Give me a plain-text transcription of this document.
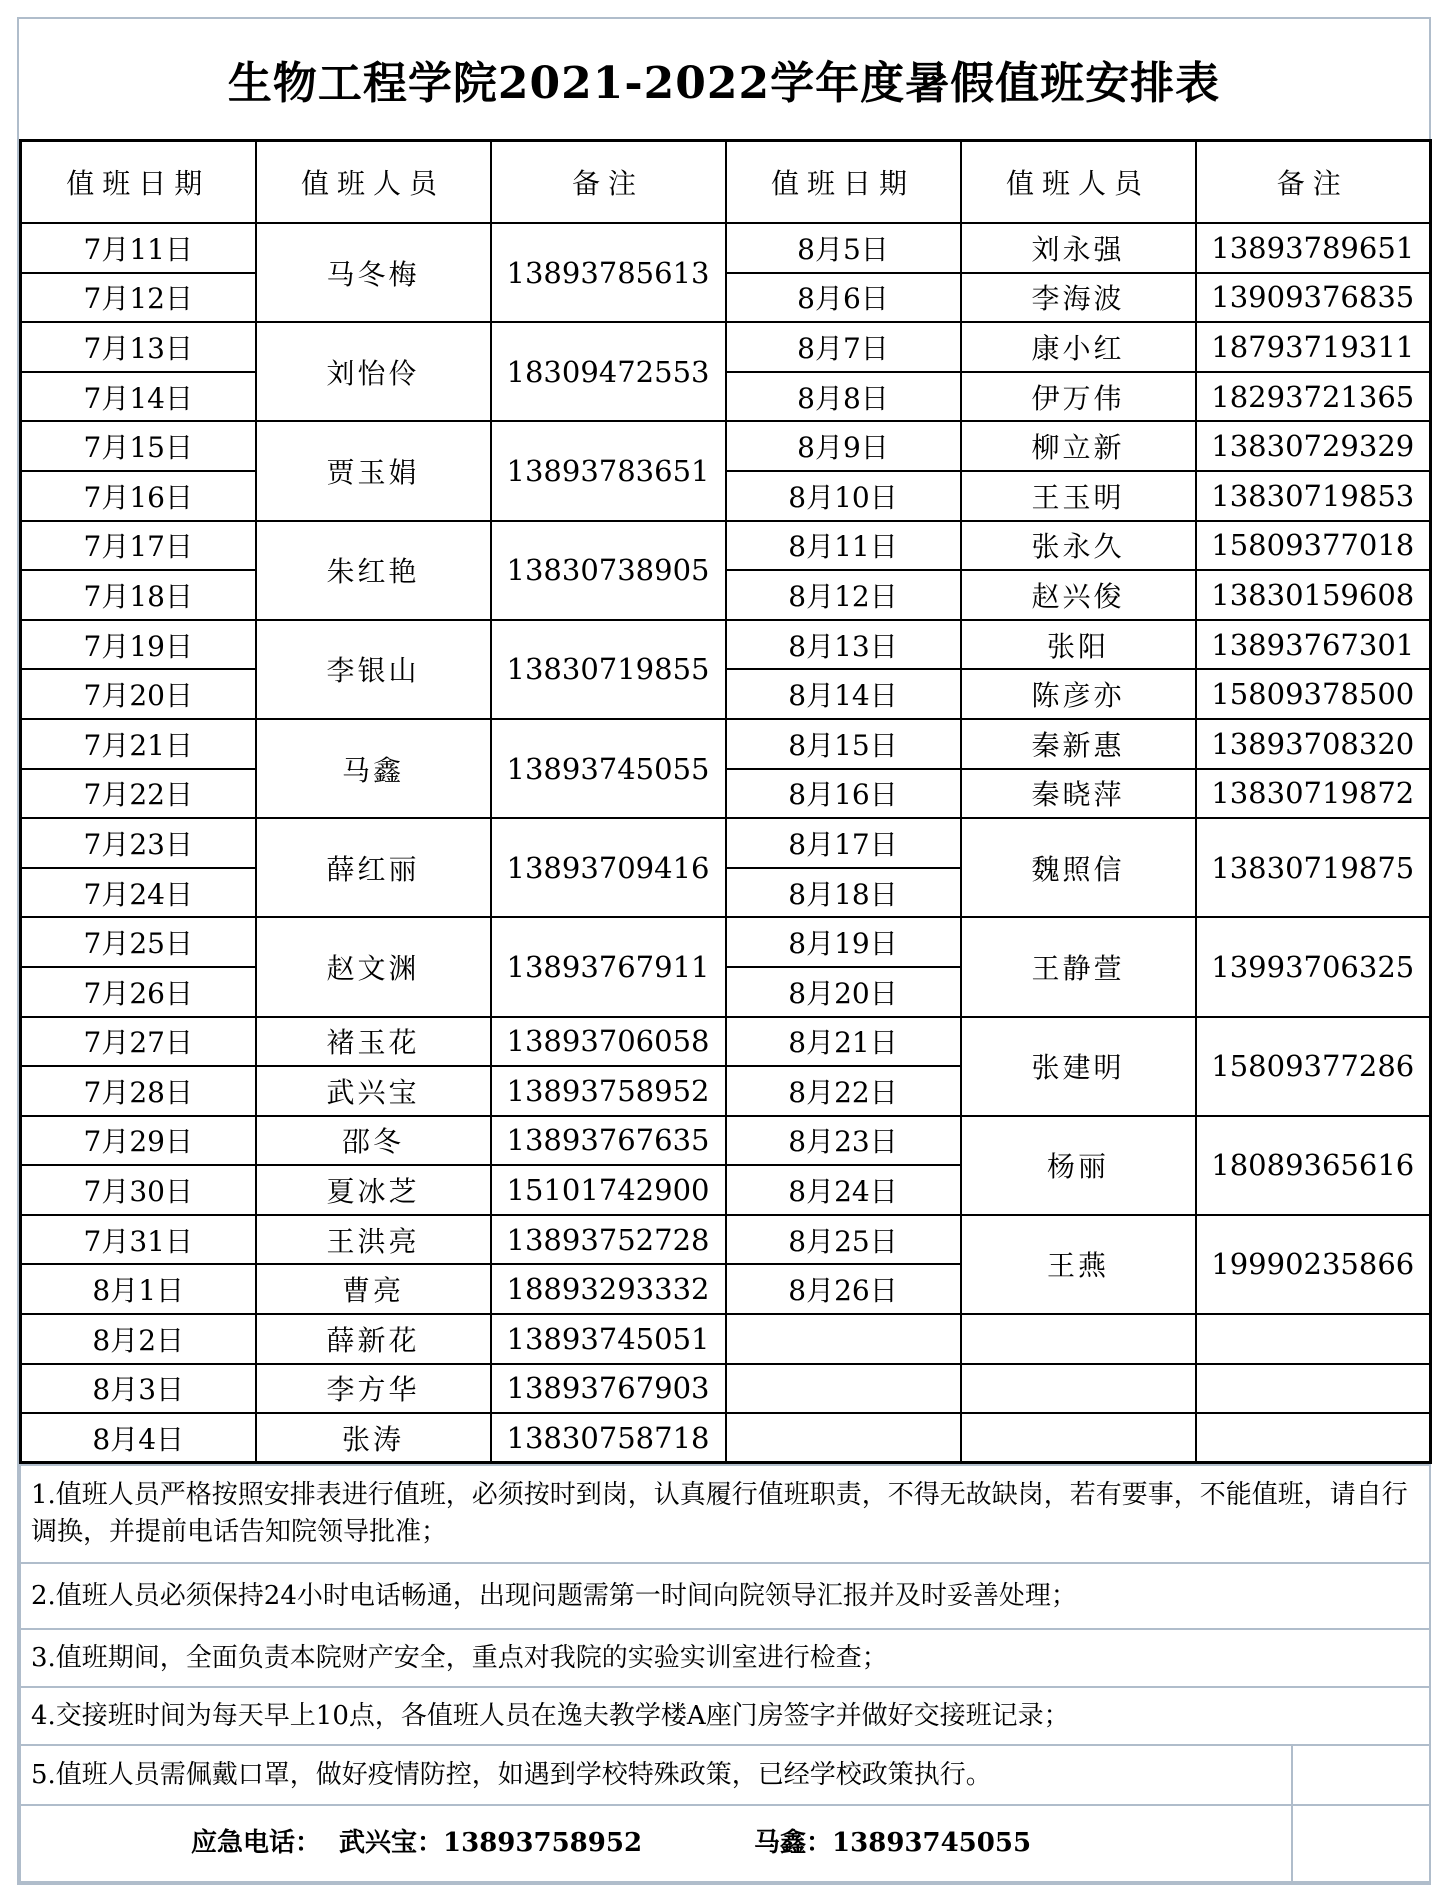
生物工程学院2021-2022学年度暑假值班安排表
值班日期	值班人员	备注	值班日期	值班人员	备注
7月11日	马冬梅	13893785613	8月5日	刘永强	13893789651
7月12日			8月6日	李海波	13909376835
7月13日	刘怡伶	18309472553	8月7日	康小红	18793719311
7月14日			8月8日	伊万伟	18293721365
7月15日	贾玉娟	13893783651	8月9日	柳立新	13830729329
7月16日			8月10日	王玉明	13830719853
7月17日	朱红艳	13830738905	8月11日	张永久	15809377018
7月18日			8月12日	赵兴俊	13830159608
7月19日	李银山	13830719855	8月13日	张阳	13893767301
7月20日			8月14日	陈彦亦	15809378500
7月21日	马鑫	13893745055	8月15日	秦新惠	13893708320
7月22日			8月16日	秦晓萍	13830719872
7月23日	薛红丽	13893709416	8月17日	魏照信	13830719875
7月24日			8月18日		
7月25日	赵文渊	13893767911	8月19日	王静萱	13993706325
7月26日			8月20日		
7月27日	褚玉花	13893706058	8月21日	张建明	15809377286
7月28日	武兴宝	13893758952	8月22日		
7月29日	邵冬	13893767635	8月23日	杨丽	18089365616
7月30日	夏冰芝	15101742900	8月24日		
7月31日	王洪亮	13893752728	8月25日	王燕	19990235866
8月1日	曹亮	18893293332	8月26日		
8月2日	薛新花	13893745051			
8月3日	李方华	13893767903			
8月4日	张涛	13830758718			
1.值班人员严格按照安排表进行值班，必须按时到岗，认真履行值班职责，不得无故缺岗，若有要事，不能值班，请自行调换，并提前电话告知院领导批准；	
2.值班人员必须保持24小时电话畅通，出现问题需第一时间向院领导汇报并及时妥善处理；	
3.值班期间，全面负责本院财产安全，重点对我院的实验实训室进行检查；	
4.交接班时间为每天早上10点，各值班人员在逸夫教学楼A座门房签字并做好交接班记录；	
5.值班人员需佩戴口罩，做好疫情防控，如遇到学校特殊政策，已经学校政策执行。	
应急电话： 武兴宝：13893758952 马鑫：13893745055	
